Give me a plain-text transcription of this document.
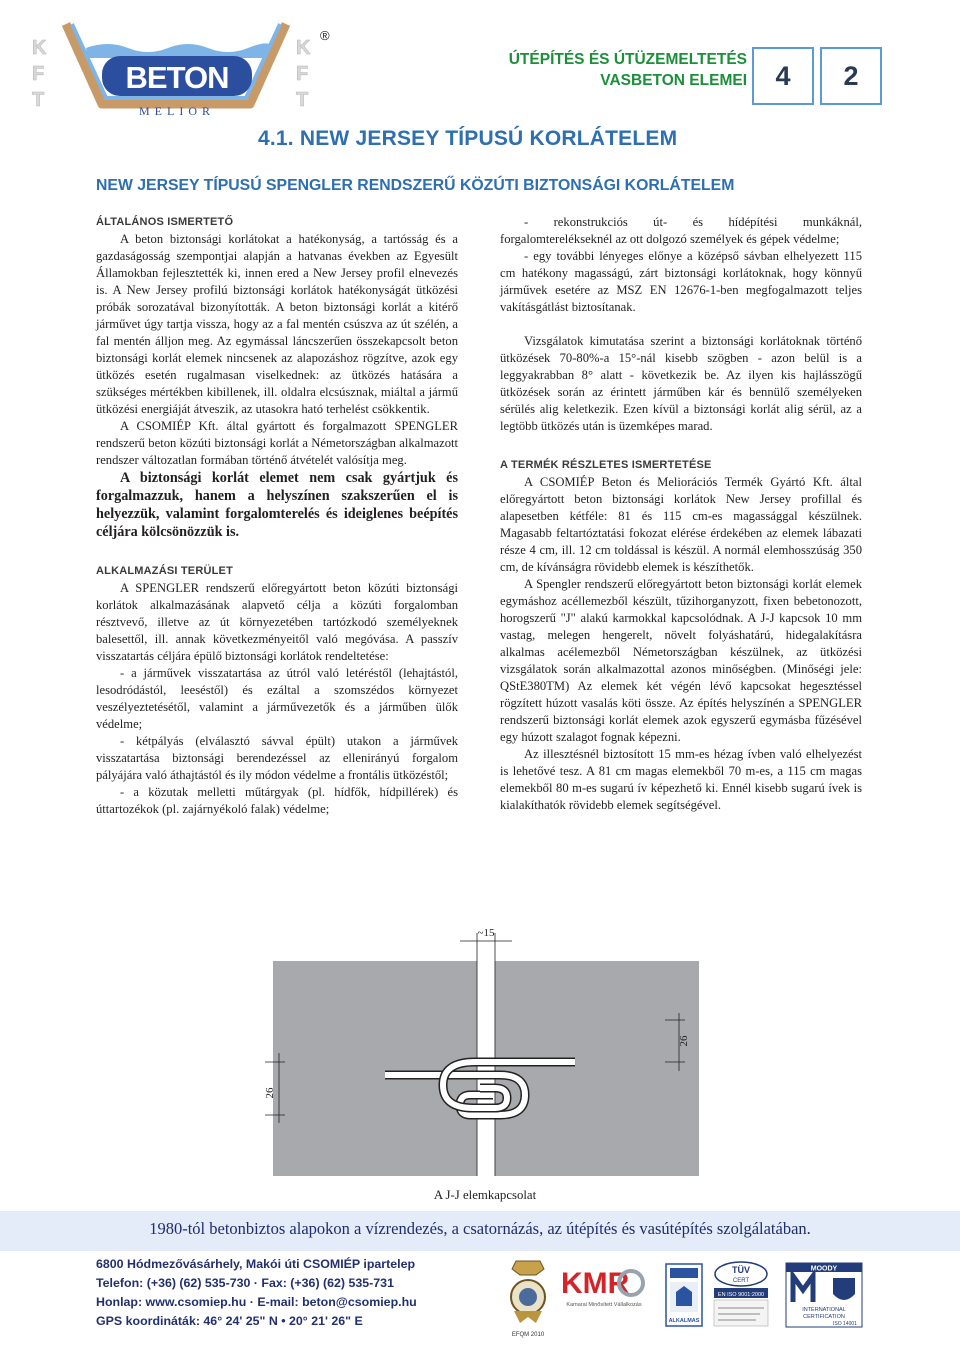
K
F
T
BETON
MELIOR
K
F
T
®
ÚTÉPÍTÉS ÉS ÚTÜZEMELTETÉS
VASBETON ELEMEI	4	2
4.1. NEW JERSEY TÍPUSÚ KORLÁTELEM
NEW JERSEY TÍPUSÚ SPENGLER RENDSZERŰ KÖZÚTI BIZTONSÁGI KORLÁTELEM
ÁLTALÁNOS ISMERTETŐ

A beton biztonsági korlátokat a hatékonyság, a tartósság és a gazdaságosság szempontjai alapján a hatvanas években az Egyesült Államokban fejlesztették ki, innen ered a New Jersey profil elnevezés is. A New Jersey profilú biztonsági korlátok hatékonyságát ütközési próbák sorozatával bizonyították. A beton biztonsági korlát a kitérő járművet úgy tartja vissza, hogy az a fal mentén csúszva az út szélén, a fal mentén álljon meg. Az egymással láncszerűen összekapcsolt beton biztonsági korlát elemek nincsenek az alapozáshoz rögzítve, azok egy ütközés esetén rugalmasan viselkednek: az ütközés hatására a szükséges mértékben kibillenek, ill. oldalra elcsúsznak, miáltal a jármű ütközési energiáját átveszik, az utasokra ható terhelést csökkentik.

A CSOMIÉP Kft. által gyártott és forgalmazott SPENGLER rendszerű beton közúti biztonsági korlát a Németországban alkalmazott rendszer változatlan formában történő átvételét valósítja meg.

A biztonsági korlát elemet nem csak gyártjuk és forgalmazzuk, hanem a helyszínen szakszerűen el is helyezzük, valamint forgalomterelés és ideiglenes beépítés céljára kölcsönözzük is.

ALKALMAZÁSI TERÜLET

A SPENGLER rendszerű előregyártott beton közúti biztonsági korlátok alkalmazásának alapvető célja a közúti forgalomban résztvevő, illetve az út környezetében tartózkodó személyeknek balesettől, ill. annak következményeitől való megóvása. A passzív visszatartás céljára épülő biztonsági korlátok rendeltetése:

- a járművek visszatartása az útról való letéréstől (lehajtástól, lesodródástól, leeséstől) és ezáltal a szomszédos környezet veszélyeztetésétől, valamint a járművezetők és a járműben ülők védelme;

- kétpályás (elválasztó sávval épült) utakon a járművek visszatartása biztonsági berendezéssel az ellenirányú forgalom pályájára való áthajtástól és ily módon védelme a frontális ütközéstől;

- a közutak melletti műtárgyak (pl. hídfők, hídpillérek) és úttartozékok (pl. zajárnyékoló falak) védelme;

- rekonstrukciós út- és hídépítési munkáknál, forgalomterelékseknél az ott dolgozó személyek és gépek védelme;

- egy további lényeges előnye a középső sávban elhelyezett 115 cm hatékony magasságú, zárt biztonsági korlátoknak, hogy könnyű járművek esetére az MSZ EN 12676-1-ben megfogalmazott teljes vakításgátlást biztosítanak.

Vizsgálatok kimutatása szerint a biztonsági korlátoknak történő ütközések 70-80%-a 15°-nál kisebb szögben - azon belül is a leggyakrabban 8° alatt - következik be. Az ilyen kis hajlásszögű ütközések során az érintett járműben kár és bennülő személyeken sérülés alig keletkezik. Ezen kívül a biztonsági korlát alig sérül, az a legtöbb ütközés után is üzemképes marad.

A TERMÉK RÉSZLETES ISMERTETÉSE

A CSOMIÉP Beton és Meliorációs Termék Gyártó Kft. által előregyártott beton biztonsági korlátok New Jersey profillal és alapesetben kétféle: 81 és 115 cm-es magassággal készülnek. Magasabb feltartóztatási fokozat elérése érdekében az elemek lábazati része 4 cm, ill. 12 cm toldással is készül. A normál elemhosszúság 350 cm, de kívánságra rövidebb elemek is készíthetők.

A Spengler rendszerű előregyártott beton biztonsági korlát elemek egymáshoz acéllemezből készült, tűzihorganyzott, fixen bebetonozott, horogszerű "J" alakú karmokkal kapcsolódnak. A J-J kapcsok 10 mm vastag, melegen hengerelt, növelt folyáshatárú, hidegalakításra alkalmas acélemezből Németországban készülnek, az ütközési vizsgálatok során alkalmazottal azonos minőségben. (Minőségi jele: QStE380TM) Az elemek két végén lévő kapcsokat hegesztéssel rögzített húzott vasalás köti össze. Az építés helyszínén a SPENGLER rendszerű biztonsági korlát elemek azok egyszerű egymásba fűzésével egy húzott szalagot fognak képezni.

Az illesztésnél biztosított 15 mm-es hézag ívben való elhelyezést is lehetővé tesz. A 81 cm magas elemekből 70 m-es, a 115 cm magas elemekből 80 m-es sugarú ív képezhető ki. Ennél kisebb sugarú ívek is kialakíthatók rövidebb elemek segítségével.

~15
26
26
A J-J elemkapcsolat
1980-tól betonbiztos alapokon a vízrendezés, a csatornázás, az útépítés és vasútépítés szolgálatában.
6800 Hódmezővásárhely, Makói úti CSOMIÉP ipartelep
Telefon: (+36) (62) 535-730 · Fax: (+36) (62) 535-731
Honlap: www.csomiep.hu · E-mail: beton@csomiep.hu
GPS koordináták: 46° 24' 25" N • 20° 21' 26" E
EFQM 2010
KMR
Kamarai Minősített Vállalkozás
ALKALMAS
TÜV
CERT
EN ISO 9001:2000
MOODY
INTERNATIONAL
CERTIFICATION
ISO 14001
